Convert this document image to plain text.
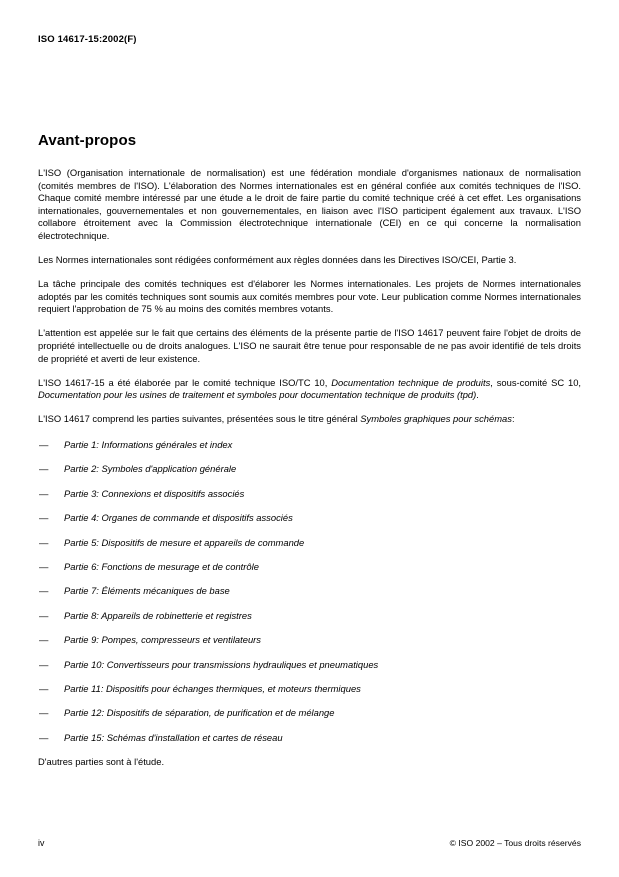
ISO 14617-15:2002(F)
Avant-propos

L'ISO (Organisation internationale de normalisation) est une fédération mondiale d'organismes nationaux de normalisation (comités membres de l'ISO). L'élaboration des Normes internationales est en général confiée aux comités techniques de l'ISO. Chaque comité membre intéressé par une étude a le droit de faire partie du comité technique créé à cet effet. Les organisations internationales, gouvernementales et non gouvernementales, en liaison avec l'ISO participent également aux travaux. L'ISO collabore étroitement avec la Commission électrotechnique internationale (CEI) en ce qui concerne la normalisation électrotechnique.

Les Normes internationales sont rédigées conformément aux règles données dans les Directives ISO/CEI, Partie 3.

La tâche principale des comités techniques est d'élaborer les Normes internationales. Les projets de Normes internationales adoptés par les comités techniques sont soumis aux comités membres pour vote. Leur publication comme Normes internationales requiert l'approbation de 75 % au moins des comités membres votants.

L'attention est appelée sur le fait que certains des éléments de la présente partie de l'ISO 14617 peuvent faire l'objet de droits de propriété intellectuelle ou de droits analogues. L'ISO ne saurait être tenue pour responsable de ne pas avoir identifié de tels droits de propriété et averti de leur existence.

L'ISO 14617-15 a été élaborée par le comité technique ISO/TC 10, Documentation technique de produits, sous-comité SC 10, Documentation pour les usines de traitement et symboles pour documentation technique de produits (tpd).

L'ISO 14617 comprend les parties suivantes, présentées sous le titre général Symboles graphiques pour schémas:

— Partie 1: Informations générales et index
— Partie 2: Symboles d'application générale
— Partie 3: Connexions et dispositifs associés
— Partie 4: Organes de commande et dispositifs associés
— Partie 5: Dispositifs de mesure et appareils de commande
— Partie 6: Fonctions de mesurage et de contrôle
— Partie 7: Éléments mécaniques de base
— Partie 8: Appareils de robinetterie et registres
— Partie 9: Pompes, compresseurs et ventilateurs
— Partie 10: Convertisseurs pour transmissions hydrauliques et pneumatiques
— Partie 11: Dispositifs pour échanges thermiques, et moteurs thermiques
— Partie 12: Dispositifs de séparation, de purification et de mélange
— Partie 15: Schémas d'installation et cartes de réseau

D'autres parties sont à l'étude.

iv	© ISO 2002 – Tous droits réservés
